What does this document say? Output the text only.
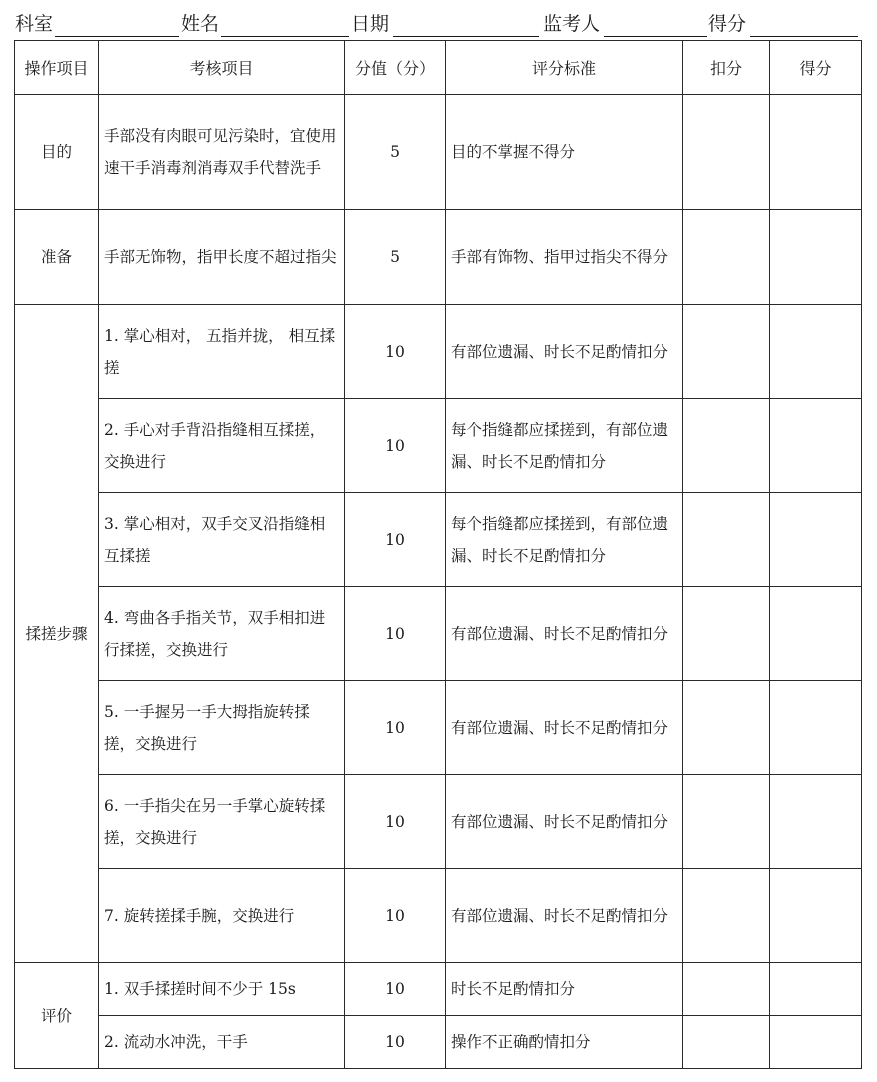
科室	姓名	日期	监考人	得分
操作项目	考核项目	分值（分）	评分标准	扣分	得分
目的	手部没有肉眼可见污染时，宜使用速干手消毒剂消毒双手代替洗手	5	目的不掌握不得分		
准备	手部无饰物，指甲长度不超过指尖	5	手部有饰物、指甲过指尖不得分		
揉搓步骤	1. 掌心相对， 五指并拢， 相互揉搓	10	有部位遗漏、时长不足酌情扣分		
	2. 手心对手背沿指缝相互揉搓，交换进行	10	每个指缝都应揉搓到，有部位遗漏、时长不足酌情扣分		
	3. 掌心相对，双手交叉沿指缝相互揉搓	10	每个指缝都应揉搓到，有部位遗漏、时长不足酌情扣分		
	4. 弯曲各手指关节，双手相扣进行揉搓，交换进行	10	有部位遗漏、时长不足酌情扣分		
	5. 一手握另一手大拇指旋转揉搓，交换进行	10	有部位遗漏、时长不足酌情扣分		
	6. 一手指尖在另一手掌心旋转揉搓，交换进行	10	有部位遗漏、时长不足酌情扣分		
	7. 旋转搓揉手腕，交换进行	10	有部位遗漏、时长不足酌情扣分		
评价	1. 双手揉搓时间不少于 15s	10	时长不足酌情扣分		
	2. 流动水冲洗，干手	10	操作不正确酌情扣分		
